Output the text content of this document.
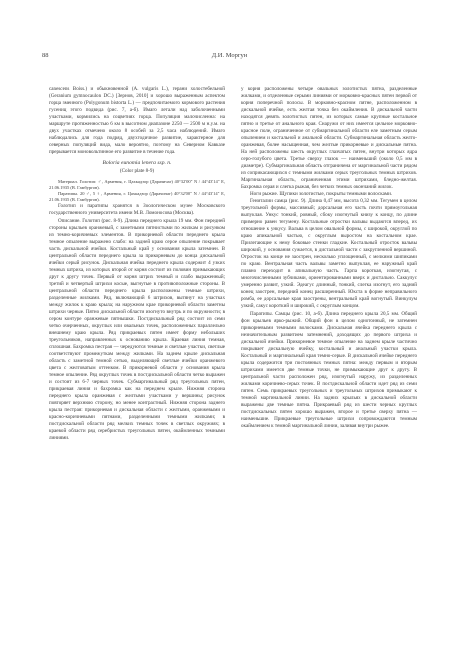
88	Д.И. Моргун

canescens Boiss.) и обыкновенной (A. vulgaris L.), герани холостебельной (Geranium gymnocaulon DC.) [Зернов, 2010] и хорошо выраженным аспектом горца змеиного (Polygonum bistorta L.) — предпочитаемого кормового растения гусениц этого подвида (рис. 7, а-б). Имаго летали над заболоченными участками, кормились на соцветиях горца. Популяция малочисленна: на маршруте протяженностью 6 км в высотном диапазоне 2250 — 2500 м н.у.м. на двух участках отмечено около 8 особей за 2,5 часа наблюдений. Имаго наблюдались для года подряд, двухгодичное развитие, характерное для северных популяций вида, мало вероятно, поэтому на Северном Кавказе прерывается моновольтинное его развитие в течение года.

Boloria eunomia lenera ssp. n.
(Color plate 8-9)

Материал. Голотип: ♂, Армения, г. Цахкадзор (Дарачичаг) 40°32'00" N / 44°43'14" E, 21.06.1935 (В. Гамбургов).

Паратипы. 20 ♂, 5 ♀, Армения, г. Цахкадзор (Дарачичаг) 40°32'00" N / 44°43'14" E, 21.06.1935 (В. Гамбургов).

Голотип и паратипы хранятся в Зоологическом музее Московского государственного университета имени М.В. Ломоносова (Москва).

Описание. Голотип (рис. 8-9). Длина переднего крыла 19 мм. Фон передней стороны крыльев оранжевый, с заметными пятнистыми по жилкам и рисунком из темно-коричневых элементов. В прикорневой области переднего крыла темное опыление выражено слабо: на задней краю серое опыление покрывает часть дискальной ячейки. Костальный край у основания крыла затемнен. В центральной области переднего крыла за прикорневым до конца дискальной ячейки серый рисунок. Дискальная ячейка переднего крыла содержит 4 узких темных штриха, из которых второй от корня состоит из половин примыкающих друг к другу точек. Первый от корня штрих темный и слабо выраженный; третий и четвертый штрихи косые, выгнутые в противоположные стороны. В центральной области переднего крыла расположены темные штрихи, разделенные жилками. Ряд, включающий 6 штрихов, вытянут на участках между жилок к краю крыла; на наружном крае прикорневой области заметны штрихи черные. Пятно дискальной области изогнуто внутрь и по окружности; в сером контуре оранжевые пятнышки. Постдискальный ряд состоит из семи четко очерченных, округлых или овальных точек, расположенных параллельно внешнему краю крыла. Ряд прикраевых пятен имеет форму небольших треугольников, направленных к основанию крыла. Краевая линия темная, сплошная. Бахромка пестрая — чередуются темные и светлые участки, светлые соответствуют промежуткам между жилками. На заднем крыле дискальная область с заметной темной сетью, выделяющей светлые ячейки оранжевого цвета с желтоватым оттенком. В прикорневой области у основания крыла темное опыление. Ряд округлых точек в постдискальной области четко выражен и состоит из 6-7 черных точек. Субмаргинальный ряд треугольных пятен, прикраевая линия и бахромка как на переднем крыле. Нижняя сторона переднего крыла оранжевая с желтыми участками у вершины; рисунок повторяет верхнюю сторону, но менее контрастный. Нижняя сторона заднего крыла пестрая: прикорневая и дискальная области с желтыми, оранжевыми и красно-коричневыми пятнами, разделенными темными жилками; в постдискальной области ряд мелких темных точек в светлых окружиях; в краевой области ряд серебристых треугольных пятен, окаймленных темными линиями.

у корня расположены четыре овальных золотистых пятна, разделенные жилками, и отделенные серыми линиями от морковно-красных пятен первой от корня поперечной полосы. В морковно-красном пятне, расположенном в дискальной ячейке, есть желтая точка без окаймления. В дискальной части находятся девять золотистых пятен, из которых самые крупные костальное пятно и третье от анального края. Снаружи от них имеется цельное морковно-красное поле, ограниченное от субмаргинальной области еле заметным серым опылением и костальной и анальной области. Субмаргинальная область желто-оранжевая, более насыщенная, чем желтые прикорневые и дискальные пятна. На ней расположены шесть округлых глазчатых пятен, внутри которых ядра серо-голубого цвета. Третье сверху глазок — наименьший (около 0,5 мм в диаметре). Субмаргинальная область отграничена от маргинальной части рядом из соприкасающихся с темными жилками серых треугольных темных штрихов. Маргинальная область, ограниченная этими штрихами, бледно-желтая. Бахромка серая и слегка рыжая, без четких темных окончаний жилок.

Ноги рыжие. Щупики золотистые, покрыты темными волосками.

Гениталии самца (рис. 9). Длина 0,47 мм, высота 0,32 мм. Тегумен в целом треугольной формы, массивный; дорсальная его часть почти прямоугольная выпуклая. Ункус тонкий, ровный, сбоку изогнутый книзу к концу, по длине примерно равен тегумену. Костальные отростки вальвы выдаются вперед, их отношение к ункусу. Вальва в целом овальной формы, с широкой, округлой по краю апикальной частью, с округлым выростом на костальном крае. Прилегающие к нему боковые стенки гладкие. Костальный отросток вальвы широкий, у основания сужается, в дистальной части с закругленной вершиной. Отросток на конце не заострен, несколько уплощенный, с мелкими шипиками по краю. Вентральная часть вальвы заметно выпуклая, ее наружный край плавно переходит в апикальную часть. Гарпа короткая, изогнутая, с многочисленными зубчиками, ориентированными вверх и дистально. Саккулус умеренно развит, узкий. Эдеагус длинный, тонкий, слегка изогнут, его задний конец заострен, передний конец расширенный. Юкста в форме неправильного ромба, ее дорсальные края заострены, вентральный край вогнутый. Винкулум узкий, сакус короткий и широкий, с округлым концом.

Паратипы. Самцы (рис. 10, а-б). Длина переднего крыла 20,5 мм. Общий фон крыльев ярко-рыжий. Общий фон в целом однотонный, не затемнен прикорневыми темными волосками. Дискальная ячейка переднего крыла с незначительным развитием затемнений, доходящих до первого штриха и дискальной ячейки. Прикорневое темное опыление на заднем крыле частично покрывает дискальную ячейку, костальный и анальный участки крыла. Костальный и маргинальный края темно-серые. В дискальной ячейке переднего крыла содержится три постоянных темных пятна: между первым и вторым штрихами имеется две темные точки, не примыкающие друг к другу. В центральной части расположен ряд, изогнутый наружу, из разделенных жилками коричнево-серых точек. В постдискальной области идет ряд из семи пятен. Семь прикраевых треугольных и треугольных штрихов примыкают к темной маргинальной линии. На задних крыльях в дискальной области выражены две темные пятна. Прикраевый ряд из шести черных круглых постдискальных пятен хорошо выражен, второе и третье сверху пятна — наименьшие. Прикраевые треугольные штрихи сопровождаются темным окаймлением к темной маргинальной линии, заливая внутри рыжее.
